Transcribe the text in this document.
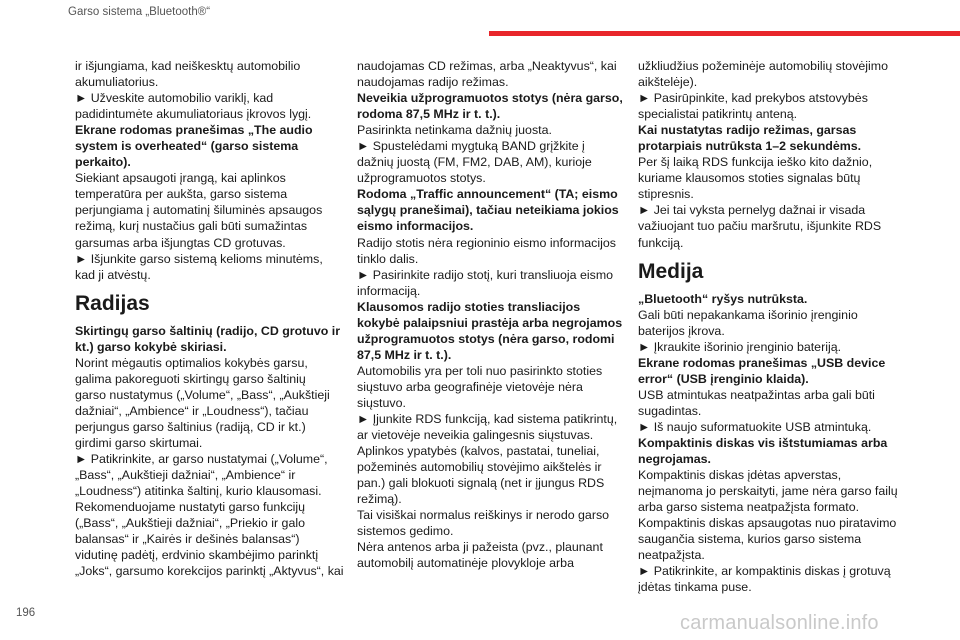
Garso sistema „Bluetooth®“

ir išjungiama, kad neiškesktų automobilio

akumuliatorius.

► Užveskite automobilio variklį, kad

padidintumėte akumuliatoriaus įkrovos lygį.

Ekrane rodomas pranešimas „The audio

system is overheated“ (garso sistema

perkaito).

Siekiant apsaugoti įrangą, kai aplinkos

temperatūra per aukšta, garso sistema

perjungiama į automatinį šiluminės apsaugos

režimą, kurį nustačius gali būti sumažintas

garsumas arba išjungtas CD grotuvas.

► Išjunkite garso sistemą kelioms minutėms,

kad ji atvėstų.

Radijas

Skirtingų garso šaltinių (radijo, CD grotuvo ir

kt.) garso kokybė skiriasi.

Norint mėgautis optimalios kokybės garsu,

galima pakoreguoti skirtingų garso šaltinių

garso nustatymus („Volume“, „Bass“, „Aukštieji

dažniai“, „Ambience“ ir „Loudness“), tačiau

perjungus garso šaltinius (radiją, CD ir kt.)

girdimi garso skirtumai.

► Patikrinkite, ar garso nustatymai („Volume“,

„Bass“, „Aukštieji dažniai“, „Ambience“ ir

„Loudness“) atitinka šaltinį, kurio klausomasi.

Rekomenduojame nustatyti garso funkcijų

(„Bass“, „Aukštieji dažniai“, „Priekio ir galo

balansas“ ir „Kairės ir dešinės balansas“)

vidutinę padėtį, erdvinio skambėjimo parinktį

„Joks“, garsumo korekcijos parinktį „Aktyvus“, kai

naudojamas CD režimas, arba „Neaktyvus“, kai

naudojamas radijo režimas.

Neveikia užprogramuotos stotys (nėra garso,

rodoma 87,5 MHz ir t. t.).

Pasirinkta netinkama dažnių juosta.

► Spustelėdami mygtuką BAND grįžkite į

dažnių juostą (FM, FM2, DAB, AM), kurioje

užprogramuotos stotys.

Rodoma „Traffic announcement“ (TA; eismo

sąlygų pranešimai), tačiau neteikiama jokios

eismo informacijos.

Radijo stotis nėra regioninio eismo informacijos

tinklo dalis.

► Pasirinkite radijo stotį, kuri transliuoja eismo

informaciją.

Klausomos radijo stoties transliacijos

kokybė palaipsniui prastėja arba negrojamos

užprogramuotos stotys (nėra garso, rodomi

87,5 MHz ir t. t.).

Automobilis yra per toli nuo pasirinkto stoties

siųstuvo arba geografinėje vietovėje nėra

siųstuvo.

► Įjunkite RDS funkciją, kad sistema patikrintų,

ar vietovėje neveikia galingesnis siųstuvas.

Aplinkos ypatybės (kalvos, pastatai, tuneliai,

požeminės automobilių stovėjimo aikštelės ir

pan.) gali blokuoti signalą (net ir įjungus RDS

režimą).

Tai visiškai normalus reiškinys ir nerodo garso

sistemos gedimo.

Nėra antenos arba ji pažeista (pvz., plaunant

automobilį automatinėje plovykloje arba

užkliudžius požeminėje automobilių stovėjimo

aikštelėje).

► Pasirūpinkite, kad prekybos atstovybės

specialistai patikrintų anteną.

Kai nustatytas radijo režimas, garsas

protarpiais nutrūksta 1–2 sekundėms.

Per šį laiką RDS funkcija ieško kito dažnio,

kuriame klausomos stoties signalas būtų

stipresnis.

► Jei tai vyksta pernelyg dažnai ir visada

važiuojant tuo pačiu maršrutu, išjunkite RDS

funkciją.

Medija

„Bluetooth“ ryšys nutrūksta.

Gali būti nepakankama išorinio įrenginio

baterijos įkrova.

► Įkraukite išorinio įrenginio bateriją.

Ekrane rodomas pranešimas „USB device

error“ (USB įrenginio klaida).

USB atmintukas neatpažintas arba gali būti

sugadintas.

► Iš naujo suformatuokite USB atmintuką.

Kompaktinis diskas vis ištstumiamas arba

negrojamas.

Kompaktinis diskas įdėtas apverstas,

neįmanoma jo perskaityti, jame nėra garso failų

arba garso sistema neatpažįsta formato.

Kompaktinis diskas apsaugotas nuo piratavimo

saugančia sistema, kurios garso sistema

neatpažįsta.

► Patikrinkite, ar kompaktinis diskas į grotuvą

įdėtas tinkama puse.

196	carmanualsonline.info
